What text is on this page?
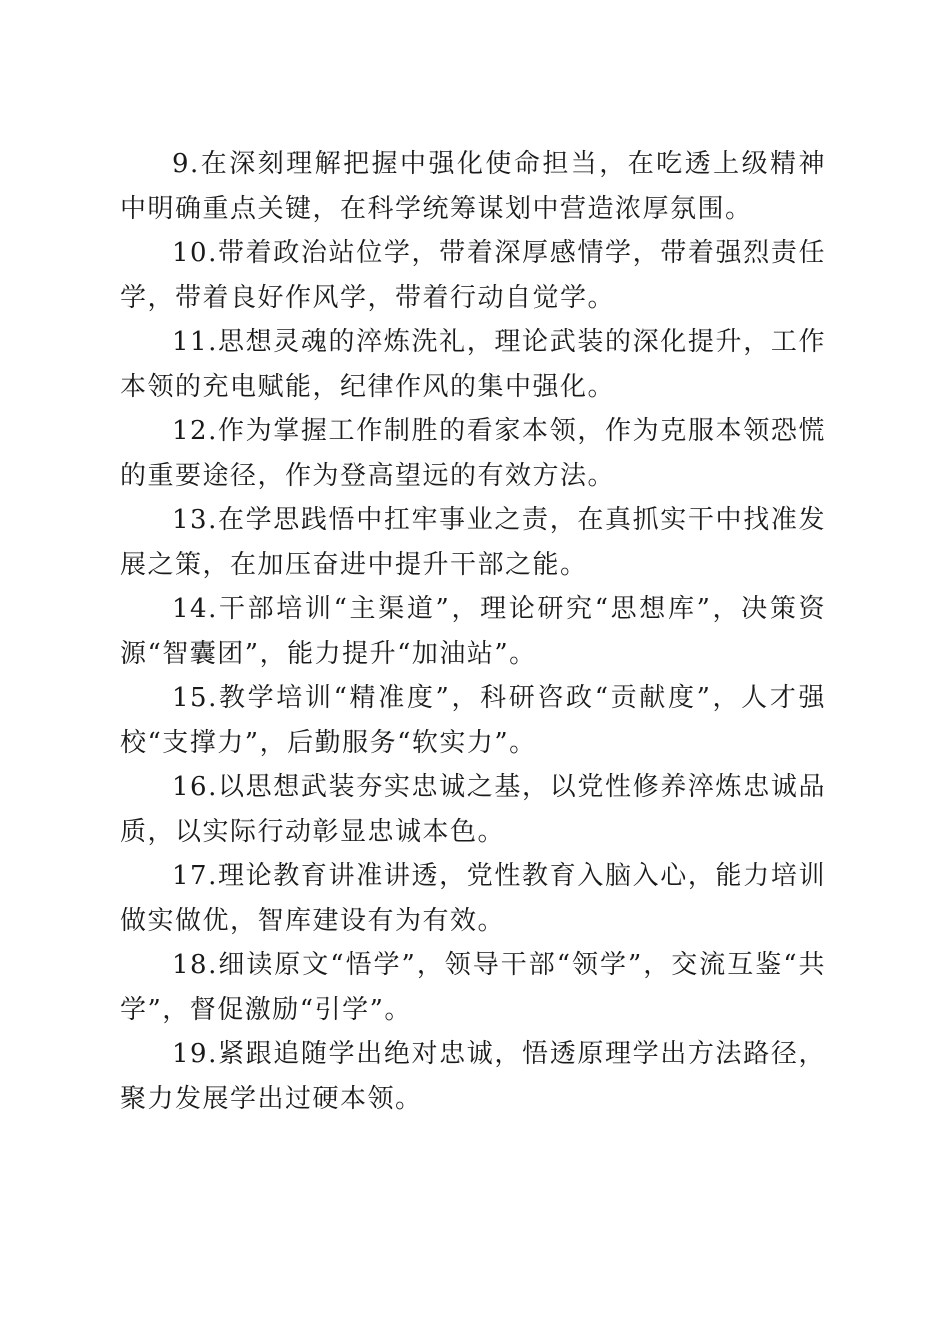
9.在深刻理解把握中强化使命担当，在吃透上级精神中明确重点关键，在科学统筹谋划中营造浓厚氛围。

10.带着政治站位学，带着深厚感情学，带着强烈责任学，带着良好作风学，带着行动自觉学。

11.思想灵魂的淬炼洗礼，理论武装的深化提升，工作本领的充电赋能，纪律作风的集中强化。

12.作为掌握工作制胜的看家本领，作为克服本领恐慌的重要途径，作为登高望远的有效方法。

13.在学思践悟中扛牢事业之责，在真抓实干中找准发展之策，在加压奋进中提升干部之能。

14.干部培训“主渠道”，理论研究“思想库”，决策资源“智囊团”，能力提升“加油站”。

15.教学培训“精准度”，科研咨政“贡献度”，人才强校“支撑力”，后勤服务“软实力”。

16.以思想武装夯实忠诚之基，以党性修养淬炼忠诚品质，以实际行动彰显忠诚本色。

17.理论教育讲准讲透，党性教育入脑入心，能力培训做实做优，智库建设有为有效。

18.细读原文“悟学”，领导干部“领学”，交流互鉴“共学”，督促激励“引学”。

19.紧跟追随学出绝对忠诚，悟透原理学出方法路径，聚力发展学出过硬本领。
